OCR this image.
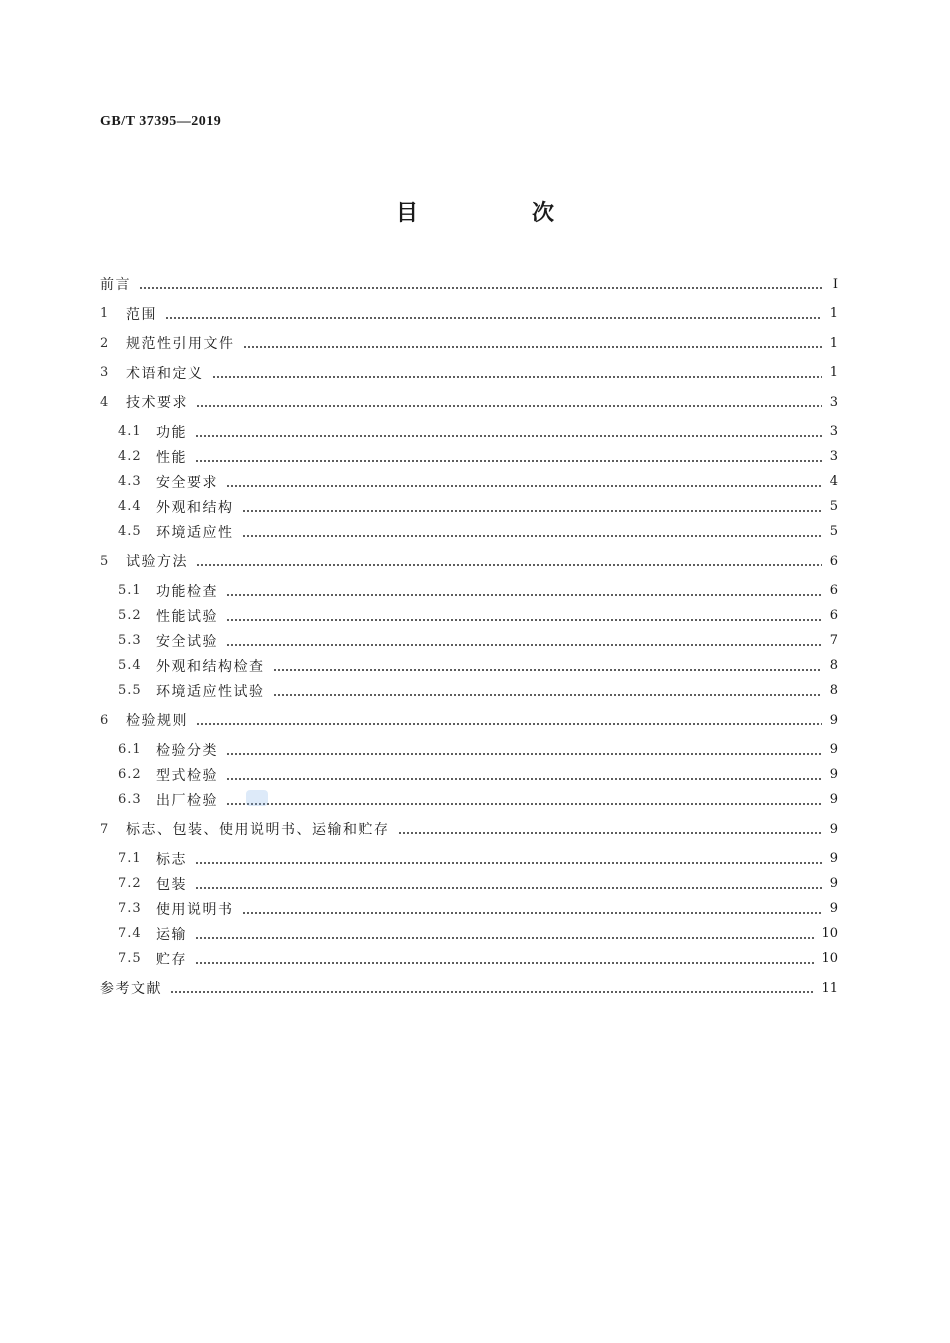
GB/T 37395—2019
目　次
前言	Ⅰ
1	范围	1
2	规范性引用文件	1
3	术语和定义	1
4	技术要求	3
4.1	功能	3
4.2	性能	3
4.3	安全要求	4
4.4	外观和结构	5
4.5	环境适应性	5
5	试验方法	6
5.1	功能检查	6
5.2	性能试验	6
5.3	安全试验	7
5.4	外观和结构检查	8
5.5	环境适应性试验	8
6	检验规则	9
6.1	检验分类	9
6.2	型式检验	9
6.3	出厂检验	9
7	标志、包装、使用说明书、运输和贮存	9
7.1	标志	9
7.2	包装	9
7.3	使用说明书	9
7.4	运输	10
7.5	贮存	10
参考文献	11
